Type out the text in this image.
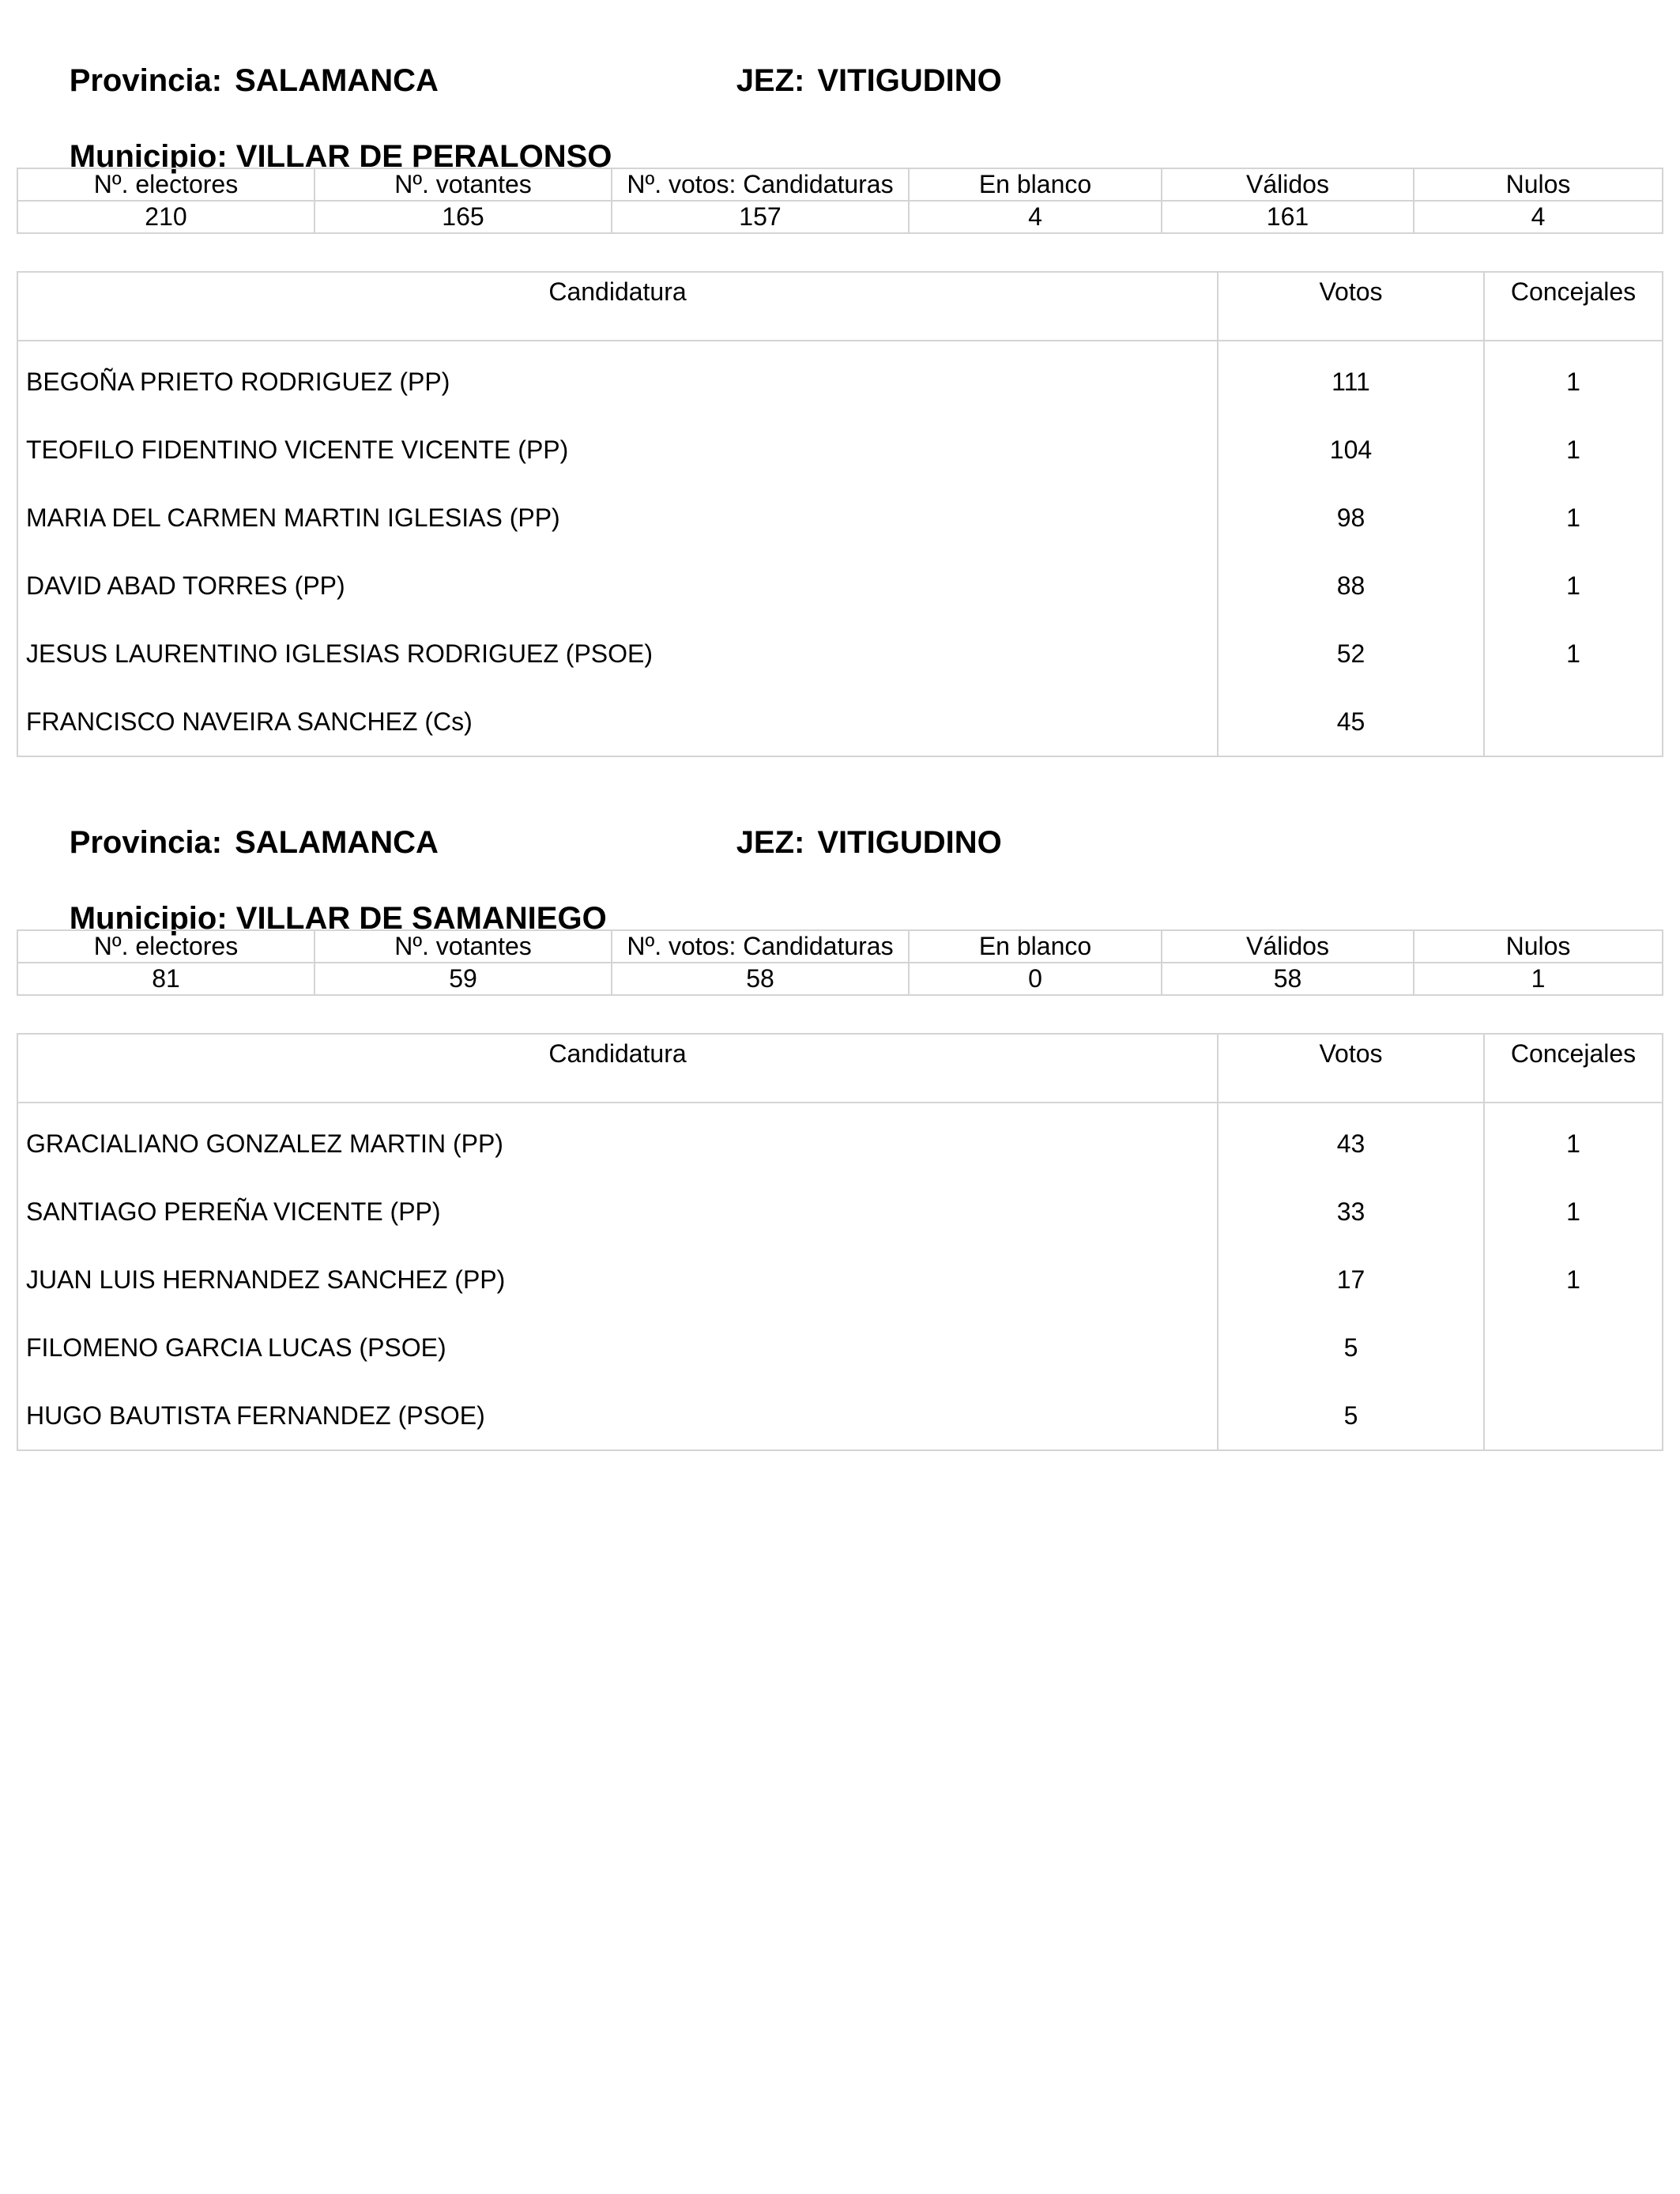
Provincia: SALAMANCA
	JEZ: VITIGUDINO

Municipio: VILLAR DE PERALONSO

Nº. electores	Nº. votantes	Nº. votos: Candidaturas	En blanco	Válidos	Nulos
210	165	157	4	161	4
Candidatura	Votos	Concejales

BEGOÑA PRIETO RODRIGUEZ (PP)	111	1
TEOFILO FIDENTINO VICENTE VICENTE (PP)	104	1
MARIA DEL CARMEN MARTIN IGLESIAS (PP)	98	1
DAVID ABAD TORRES (PP)	88	1
JESUS LAURENTINO IGLESIAS RODRIGUEZ (PSOE)	52	1
FRANCISCO NAVEIRA SANCHEZ (Cs)	45	

Provincia: SALAMANCA
	JEZ: VITIGUDINO

Municipio: VILLAR DE SAMANIEGO

Nº. electores	Nº. votantes	Nº. votos: Candidaturas	En blanco	Válidos	Nulos
81	59	58	0	58	1
Candidatura	Votos	Concejales

GRACIALIANO GONZALEZ MARTIN (PP)	43	1
SANTIAGO PEREÑA VICENTE (PP)	33	1
JUAN LUIS HERNANDEZ SANCHEZ (PP)	17	1
FILOMENO GARCIA LUCAS (PSOE)	5	
HUGO BAUTISTA FERNANDEZ (PSOE)	5	
